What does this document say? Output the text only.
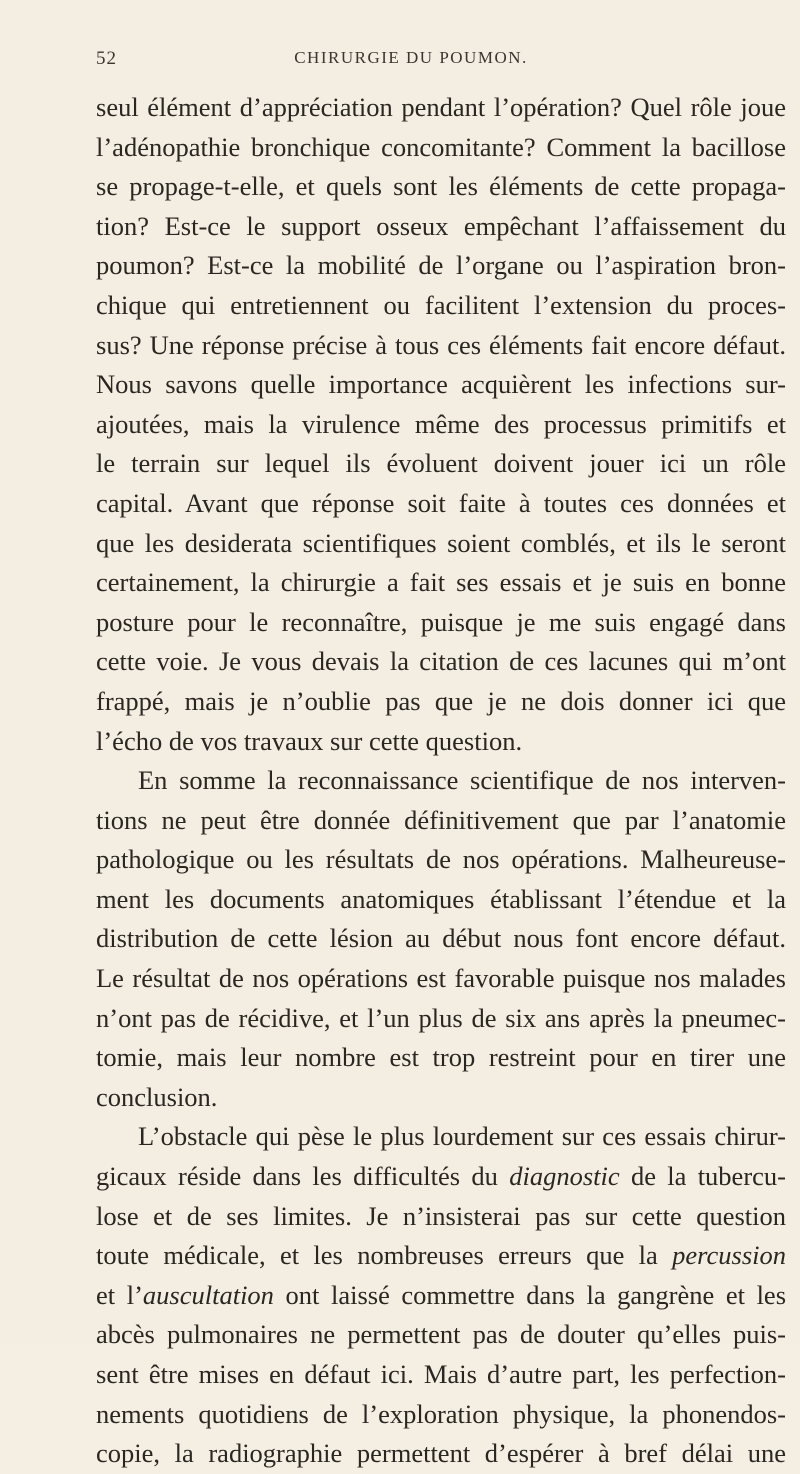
52	CHIRURGIE DU POUMON.
seul élément d’appréciation pendant l’opération? Quel rôle joue
l’adénopathie bronchique concomitante? Comment la bacillose
se propage-t-elle, et quels sont les éléments de cette propaga-
tion? Est-ce le support osseux empêchant l’affaissement du
poumon? Est-ce la mobilité de l’organe ou l’aspiration bron-
chique qui entretiennent ou facilitent l’extension du proces-
sus? Une réponse précise à tous ces éléments fait encore défaut.
Nous savons quelle importance acquièrent les infections sur-
ajoutées, mais la virulence même des processus primitifs et
le terrain sur lequel ils évoluent doivent jouer ici un rôle
capital. Avant que réponse soit faite à toutes ces données et
que les desiderata scientifiques soient comblés, et ils le seront
certainement, la chirurgie a fait ses essais et je suis en bonne
posture pour le reconnaître, puisque je me suis engagé dans
cette voie. Je vous devais la citation de ces lacunes qui m’ont
frappé, mais je n’oublie pas que je ne dois donner ici que
l’écho de vos travaux sur cette question.
En somme la reconnaissance scientifique de nos interven-
tions ne peut être donnée définitivement que par l’anatomie
pathologique ou les résultats de nos opérations. Malheureuse-
ment les documents anatomiques établissant l’étendue et la
distribution de cette lésion au début nous font encore défaut.
Le résultat de nos opérations est favorable puisque nos malades
n’ont pas de récidive, et l’un plus de six ans après la pneumec-
tomie, mais leur nombre est trop restreint pour en tirer une
conclusion.
L’obstacle qui pèse le plus lourdement sur ces essais chirur-
gicaux réside dans les difficultés du diagnostic de la tubercu-
lose et de ses limites. Je n’insisterai pas sur cette question
toute médicale, et les nombreuses erreurs que la percussion
et l’auscultation ont laissé commettre dans la gangrène et les
abcès pulmonaires ne permettent pas de douter qu’elles puis-
sent être mises en défaut ici. Mais d’autre part, les perfection-
nements quotidiens de l’exploration physique, la phonendos-
copie, la radiographie permettent d’espérer à bref délai une
